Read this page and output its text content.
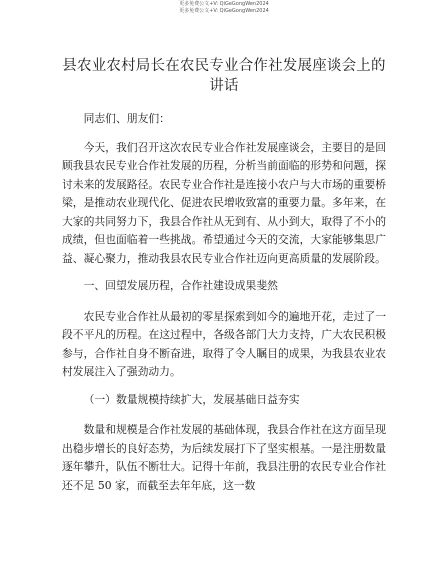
更多免费公文+V: QiGeGongWen2024
更多免费公文+V: QiGeGongWen2024
县农业农村局长在农民专业合作社发展座谈会上的讲话

同志们、朋友们：

今天，我们召开这次农民专业合作社发展座谈会，主要目的是回顾我县农民专业合作社发展的历程，分析当前面临的形势和问题，探讨未来的发展路径。农民专业合作社是连接小农户与大市场的重要桥梁，是推动农业现代化、促进农民增收致富的重要力量。多年来，在大家的共同努力下，我县合作社从无到有、从小到大，取得了不小的成绩，但也面临着一些挑战。希望通过今天的交流，大家能够集思广益、凝心聚力，推动我县农民专业合作社迈向更高质量的发展阶段。

一、回望发展历程，合作社建设成果斐然

农民专业合作社从最初的零星探索到如今的遍地开花，走过了一段不平凡的历程。在这过程中，各级各部门大力支持，广大农民积极参与，合作社自身不断奋进，取得了令人瞩目的成果，为我县农业农村发展注入了强劲动力。

（一）数量规模持续扩大，发展基础日益夯实

数量和规模是合作社发展的基础体现，我县合作社在这方面呈现出稳步增长的良好态势，为后续发展打下了坚实根基。一是注册数量逐年攀升，队伍不断壮大。记得十年前，我县注册的农民专业合作社还不足 50 家，而截至去年年底，这一数
